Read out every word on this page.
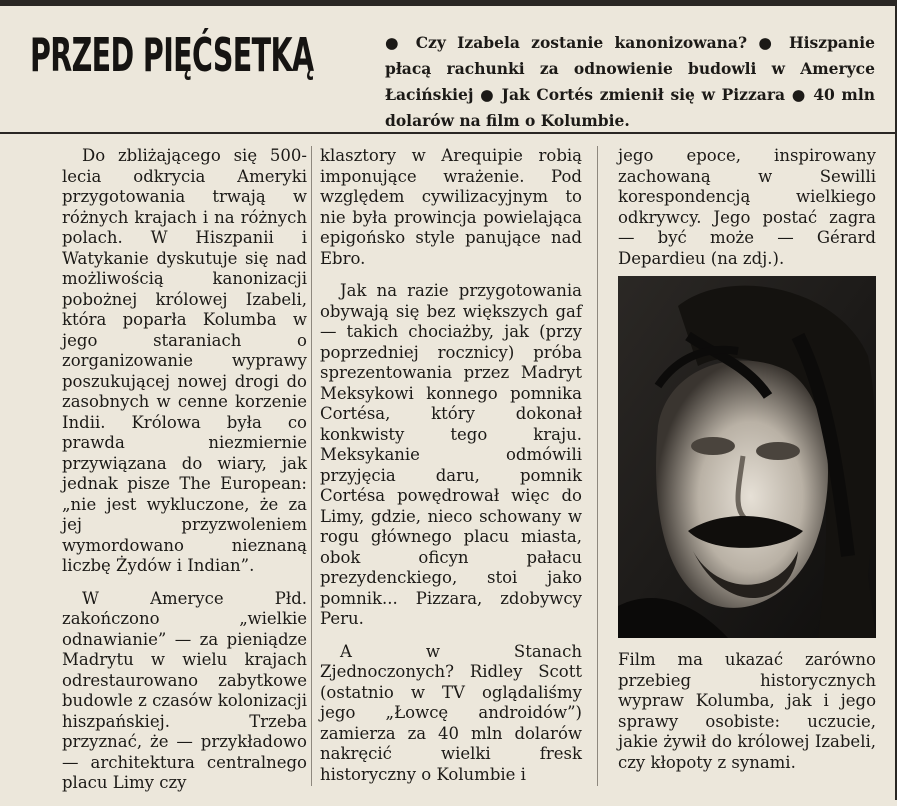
PRZED PIĘĆSETKĄ	● Czy Izabela zostanie kanonizowana? ● Hiszpanie płacą rachunki za odnowienie budowli w Ameryce Łacińskiej ● Jak Cortés zmienił się w Pizzara ● 40 mln dolarów na film o Kolumbie.

Do zbliżającego się 500-lecia odkrycia Ameryki przygotowania trwają w różnych krajach i na różnych polach. W Hiszpanii i Watykanie dyskutuje się nad możliwością kanonizacji pobożnej królowej Izabeli, która poparła Kolumba w jego staraniach o zorganizowanie wyprawy poszukującej nowej drogi do zasobnych w cenne korzenie Indii. Królowa była co prawda niezmiernie przywiązana do wiary, jak jednak pisze The European: „nie jest wykluczone, że za jej przyzwoleniem wymordowano nieznaną liczbę Żydów i Indian”.

W Ameryce Płd. zakończono „wielkie odnawianie” — za pieniądze Madrytu w wielu krajach odrestaurowano zabytkowe budowle z czasów kolonizacji hiszpańskiej. Trzeba przyznać, że — przykładowo — architektura centralnego placu Limy czy

klasztory w Arequipie robią imponujące wrażenie. Pod względem cywilizacyjnym to nie była prowincja powielająca epigońsko style panujące nad Ebro.

Jak na razie przygotowania obywają się bez większych gaf — takich chociażby, jak (przy poprzedniej rocznicy) próba sprezentowania przez Madryt Meksykowi konnego pomnika Cortésa, który dokonał konkwisty tego kraju. Meksykanie odmówili przyjęcia daru, pomnik Cortésa powędrował więc do Limy, gdzie, nieco schowany w rogu głównego placu miasta, obok oficyn pałacu prezydenckiego, stoi jako pomnik... Pizzara, zdobywcy Peru.

A w Stanach Zjednoczonych? Ridley Scott (ostatnio w TV oglądaliśmy jego „Łowcę androidów”) zamierza za 40 mln dolarów nakręcić wielki fresk historyczny o Kolumbie i

jego epoce, inspirowany zachowaną w Sewilli korespondencją wielkiego odkrywcy. Jego postać zagra — być może — Gérard Depardieu (na zdj.).

Film ma ukazać zarówno przebieg historycznych wypraw Kolumba, jak i jego sprawy osobiste: uczucie, jakie żywił do królowej Izabeli, czy kłopoty z synami.
